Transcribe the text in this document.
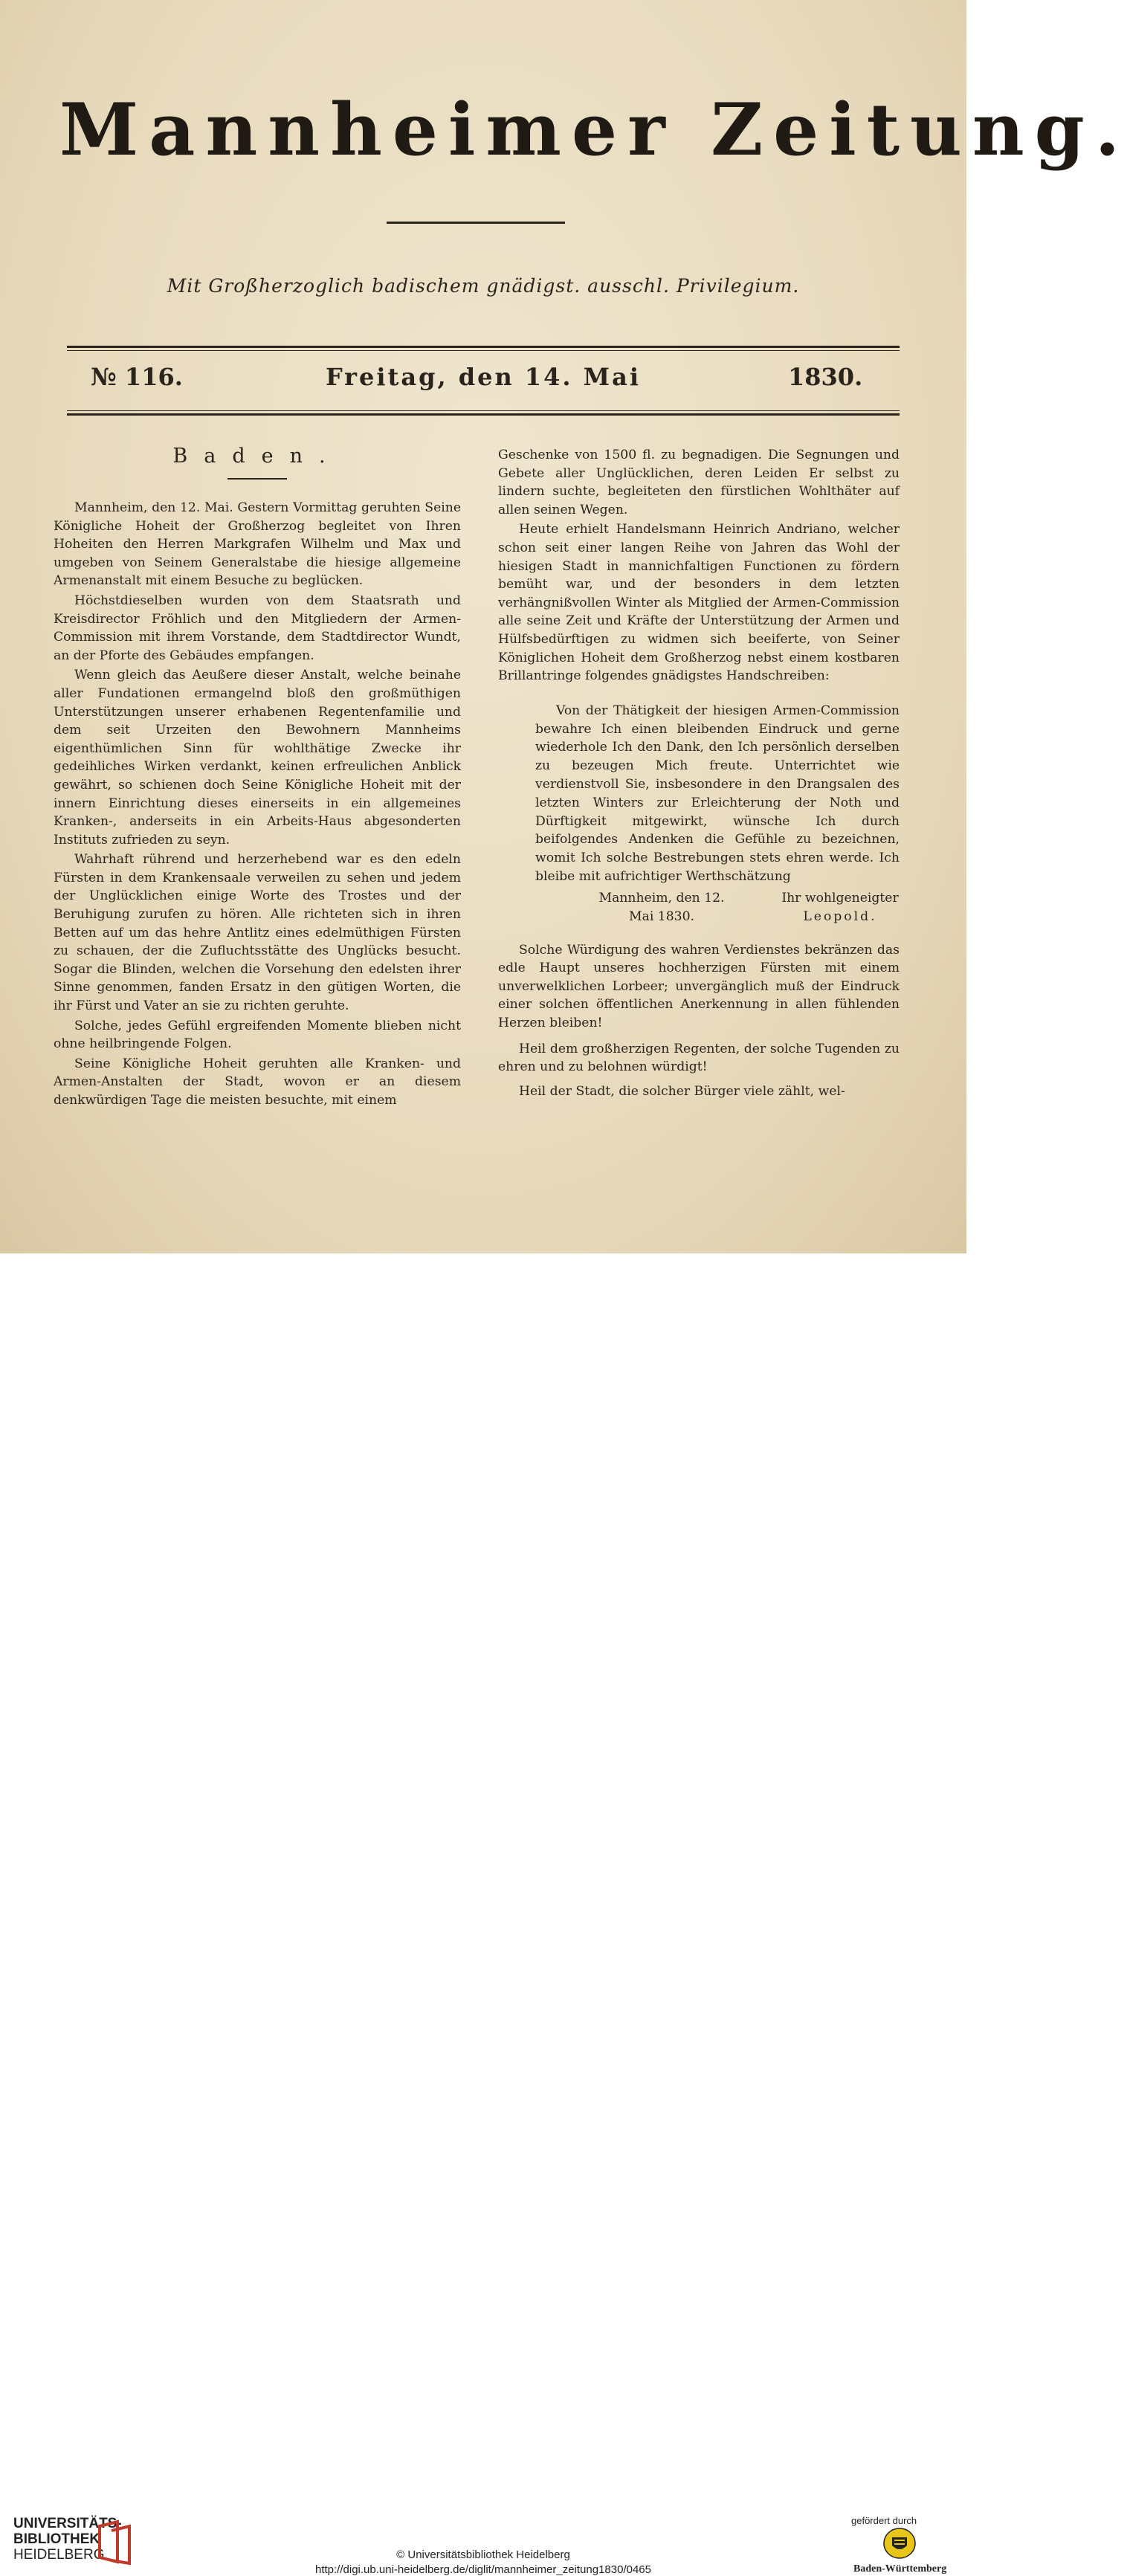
Mannheimer Zeitung.
Mit Großherzoglich badischem gnädigst. ausschl. Privilegium.
№ 116.	Freitag, den 14. Mai	1830.
Baden.

Mannheim, den 12. Mai. Gestern Vormittag geruhten Seine Königliche Hoheit der Großherzog begleitet von Ihren Hoheiten den Herren Markgrafen Wilhelm und Max und umgeben von Seinem Generalstabe die hiesige allgemeine Armenanstalt mit einem Besuche zu beglücken.

Höchstdieselben wurden von dem Staatsrath und Kreisdirector Fröhlich und den Mitgliedern der Armen-Commission mit ihrem Vorstande, dem Stadtdirector Wundt, an der Pforte des Gebäudes empfangen.

Wenn gleich das Aeußere dieser Anstalt, welche beinahe aller Fundationen ermangelnd bloß den großmüthigen Unterstützungen unserer erhabenen Regentenfamilie und dem seit Urzeiten den Bewohnern Mannheims eigenthümlichen Sinn für wohlthätige Zwecke ihr gedeihliches Wirken verdankt, keinen erfreulichen Anblick gewährt, so schienen doch Seine Königliche Hoheit mit der innern Einrichtung dieses einerseits in ein allgemeines Kranken-, anderseits in ein Arbeits-Haus abgesonderten Instituts zufrieden zu seyn.

Wahrhaft rührend und herzerhebend war es den edeln Fürsten in dem Krankensaale verweilen zu sehen und jedem der Unglücklichen einige Worte des Trostes und der Beruhigung zurufen zu hören. Alle richteten sich in ihren Betten auf um das hehre Antlitz eines edelmüthigen Fürsten zu schauen, der die Zufluchtsstätte des Unglücks besucht. Sogar die Blinden, welchen die Vorsehung den edelsten ihrer Sinne genommen, fanden Ersatz in den gütigen Worten, die ihr Fürst und Vater an sie zu richten geruhte.

Solche, jedes Gefühl ergreifenden Momente blieben nicht ohne heilbringende Folgen.

Seine Königliche Hoheit geruhten alle Kranken- und Armen-Anstalten der Stadt, wovon er an diesem denkwürdigen Tage die meisten besuchte, mit einem

Geschenke von 1500 fl. zu begnadigen. Die Segnungen und Gebete aller Unglücklichen, deren Leiden Er selbst zu lindern suchte, begleiteten den fürstlichen Wohlthäter auf allen seinen Wegen.

Heute erhielt Handelsmann Heinrich Andriano, welcher schon seit einer langen Reihe von Jahren das Wohl der hiesigen Stadt in mannichfaltigen Functionen zu fördern bemüht war, und der besonders in dem letzten verhängnißvollen Winter als Mitglied der Armen-Commission alle seine Zeit und Kräfte der Unterstützung der Armen und Hülfsbedürftigen zu widmen sich beeiferte, von Seiner Königlichen Hoheit dem Großherzog nebst einem kostbaren Brillantringe folgendes gnädigstes Handschreiben:

Von der Thätigkeit der hiesigen Armen-Commission bewahre Ich einen bleibenden Eindruck und gerne wiederhole Ich den Dank, den Ich persönlich derselben zu bezeugen Mich freute. Unterrichtet wie verdienstvoll Sie, insbesondere in den Drangsalen des letzten Winters zur Erleichterung der Noth und Dürftigkeit mitgewirkt, wünsche Ich durch beifolgendes Andenken die Gefühle zu bezeichnen, womit Ich solche Bestrebungen stets ehren werde. Ich bleibe mit aufrichtiger Werthschätzung

Mannheim, den 12.
Mai 1830.
Ihr wohlgeneigter
Leopold.

Solche Würdigung des wahren Verdienstes bekränzen das edle Haupt unseres hochherzigen Fürsten mit einem unverwelklichen Lorbeer; unvergänglich muß der Eindruck einer solchen öffentlichen Anerkennung in allen fühlenden Herzen bleiben!

Heil dem großherzigen Regenten, der solche Tugenden zu ehren und zu belohnen würdigt!

Heil der Stadt, die solcher Bürger viele zählt, wel-

UNIVERSITÄTS-
BIBLIOTHEK
HEIDELBERG	© Universitätsbibliothek Heidelberg
http://digi.ub.uni-heidelberg.de/diglit/mannheimer_zeitung1830/0465
gefördert durch
Baden-Württemberg
